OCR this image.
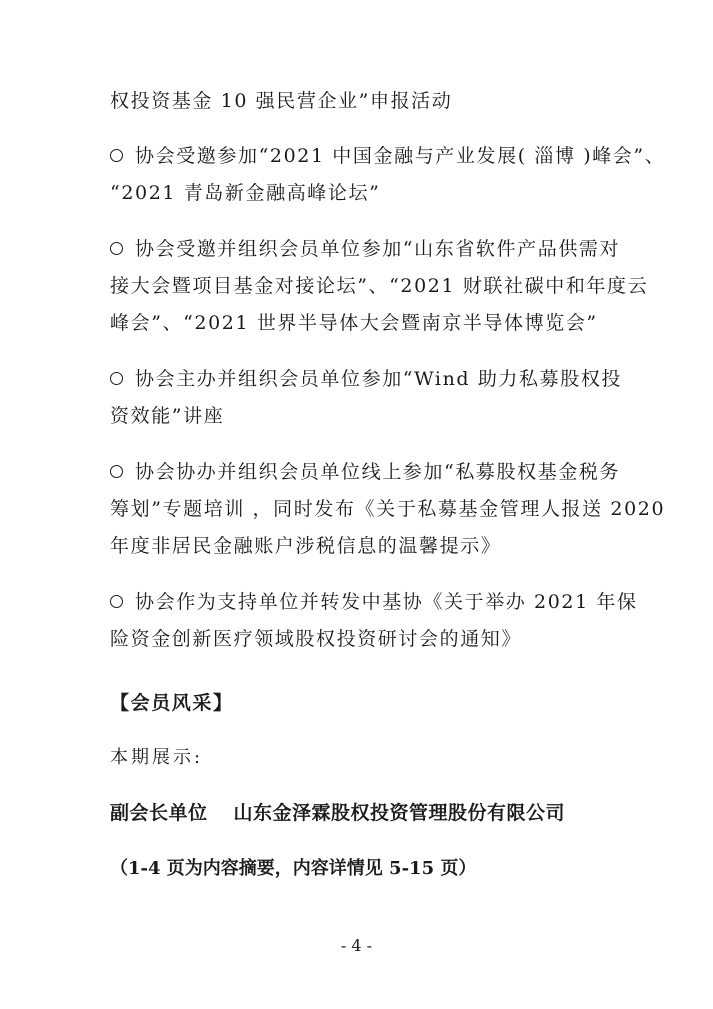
权投资基金 10 强民营企业”申报活动
协会受邀参加“2021 中国金融与产业发展( 淄博 )峰会”、
“2021 青岛新金融高峰论坛”
协会受邀并组织会员单位参加“山东省软件产品供需对
接大会暨项目基金对接论坛”、“2021 财联社碳中和年度云
峰会”、“2021 世界半导体大会暨南京半导体博览会”
协会主办并组织会员单位参加“Wind 助力私募股权投
资效能”讲座
协会协办并组织会员单位线上参加“私募股权基金税务
筹划”专题培训 ，同时发布《关于私募基金管理人报送 2020
年度非居民金融账户涉税信息的温馨提示》
协会作为支持单位并转发中基协《关于举办 2021 年保
险资金创新医疗领域股权投资研讨会的通知》
【会员风采】
本期展示:
副会长单位 山东金泽霖股权投资管理股份有限公司
（1-4 页为内容摘要，内容详情见 5-15 页）
- 4 -
